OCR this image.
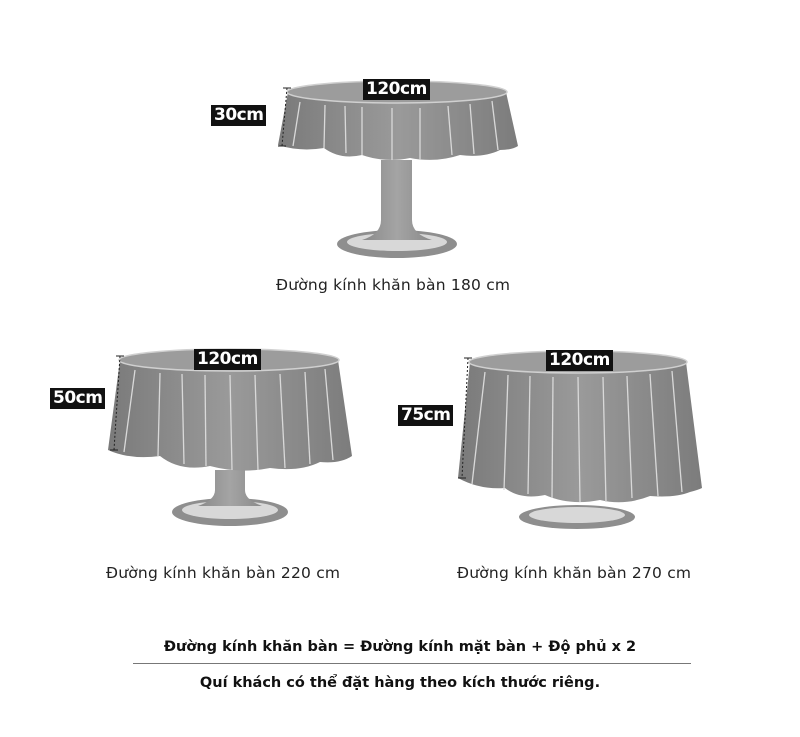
120cm
30cm
120cm
50cm
120cm
75cm
Đường kính khăn bàn 180 cm
Đường kính khăn bàn 220 cm	Đường kính khăn bàn 270 cm
Đường kính khăn bàn = Đường kính mặt bàn + Độ phủ x 2
Quí khách có thể đặt hàng theo kích thước riêng.
